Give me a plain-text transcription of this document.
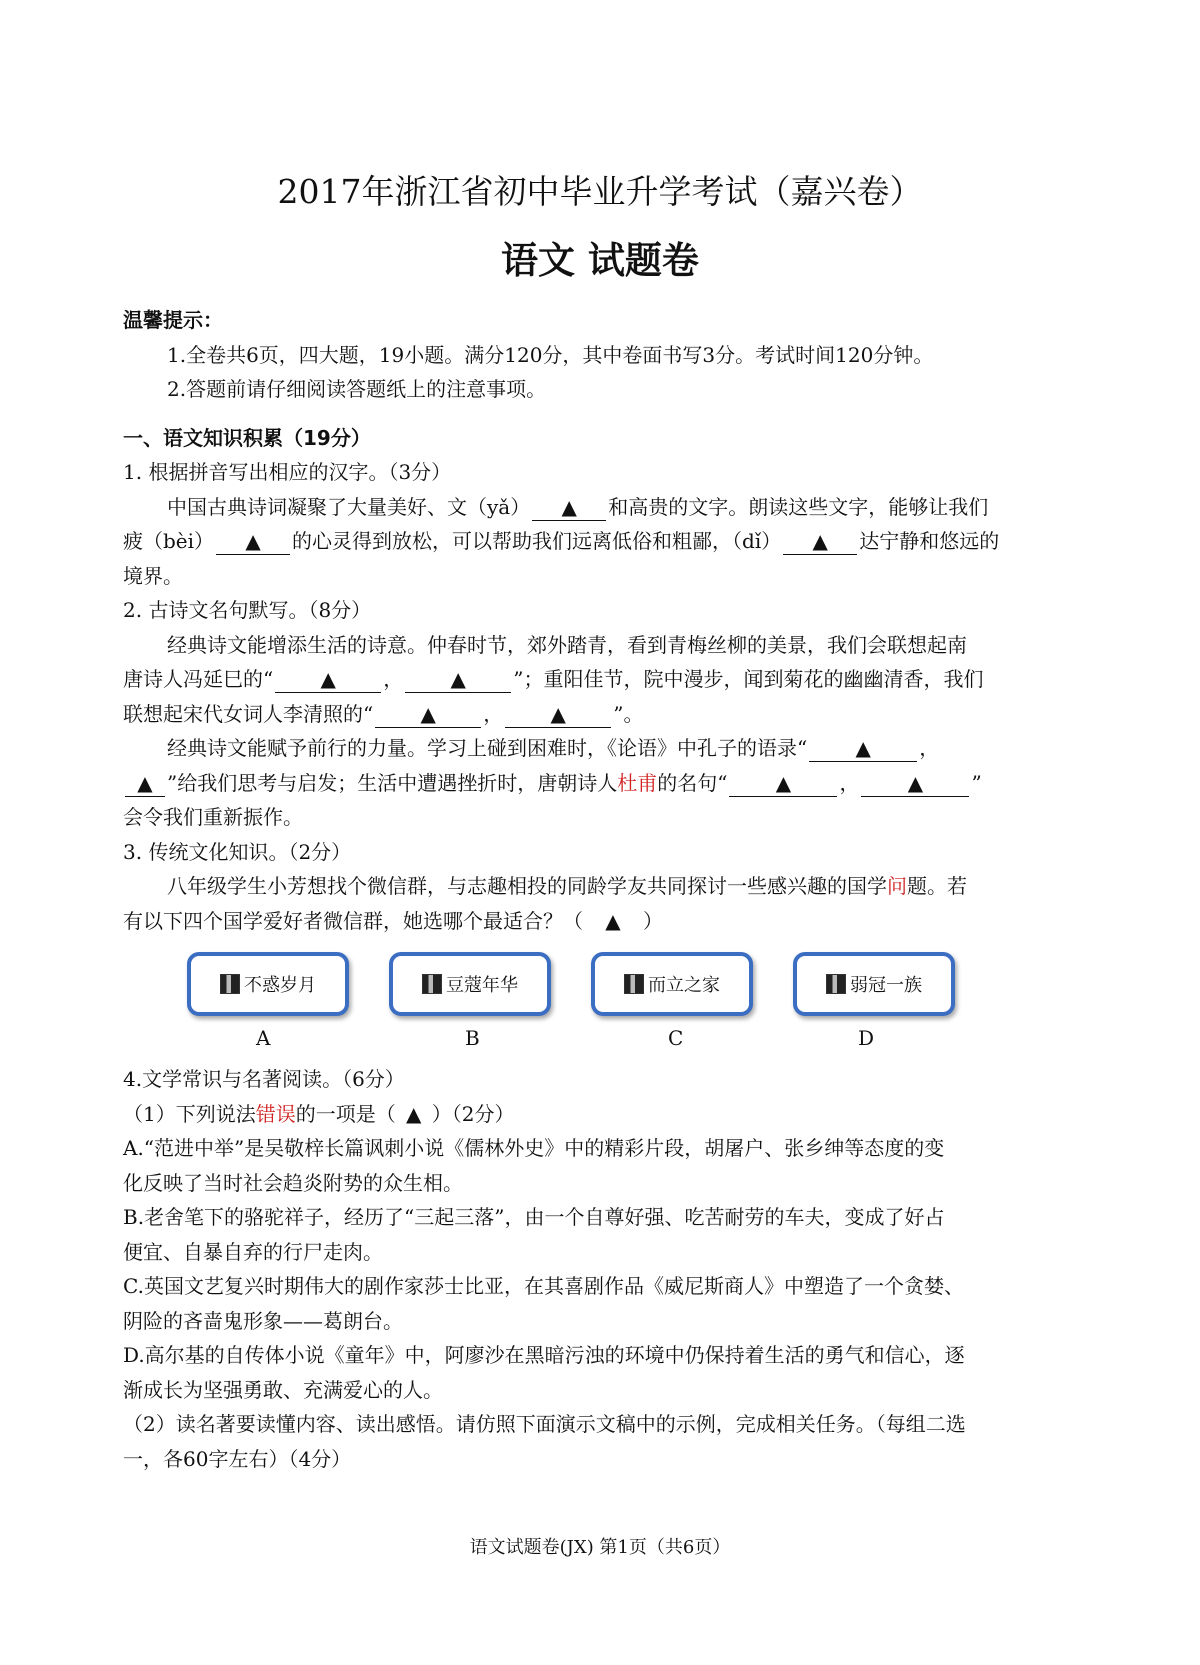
2017年浙江省初中毕业升学考试（嘉兴卷）
语文 试题卷
温馨提示：
1.全卷共6页，四大题，19小题。满分120分，其中卷面书写3分。考试时间120分钟。
2.答题前请仔细阅读答题纸上的注意事项。
一、语文知识积累（19分）
1. 根据拼音写出相应的汉字。（3分）
中国古典诗词凝聚了大量美好、文（yǎ） ▲ 和高贵的文字。朗读这些文字，能够让我们
疲（bèi） ▲ 的心灵得到放松，可以帮助我们远离低俗和粗鄙，（dǐ） ▲ 达宁静和悠远的
境界。
2. 古诗文名句默写。（8分）
经典诗文能增添生活的诗意。仲春时节，郊外踏青，看到青梅丝柳的美景，我们会联想起南
唐诗人冯延巳的“ ▲ ， ▲ ”；重阳佳节，院中漫步，闻到菊花的幽幽清香，我们
联想起宋代女词人李清照的“ ▲ ， ▲ ”。
经典诗文能赋予前行的力量。学习上碰到困难时，《论语》中孔子的语录“ ▲ ，
▲ ”给我们思考与启发；生活中遭遇挫折时，唐朝诗人杜甫的名句“ ▲ ， ▲ ”
会令我们重新振作。
3. 传统文化知识。（2分）
八年级学生小芳想找个微信群，与志趣相投的同龄学友共同探讨一些感兴趣的国学问题。若
有以下四个国学爱好者微信群，她选哪个最适合？（ ▲ ）
不惑岁月	豆蔻年华	而立之家	弱冠一族
A	B	C	D
4.文学常识与名著阅读。（6分）
（1）下列说法错误的一项是（ ▲ ）（2分）
A.“范进中举”是吴敬梓长篇讽刺小说《儒林外史》中的精彩片段，胡屠户、张乡绅等态度的变
化反映了当时社会趋炎附势的众生相。
B.老舍笔下的骆驼祥子，经历了“三起三落”，由一个自尊好强、吃苦耐劳的车夫，变成了好占
便宜、自暴自弃的行尸走肉。
C.英国文艺复兴时期伟大的剧作家莎士比亚，在其喜剧作品《威尼斯商人》中塑造了一个贪婪、
阴险的吝啬鬼形象——葛朗台。
D.高尔基的自传体小说《童年》中，阿廖沙在黑暗污浊的环境中仍保持着生活的勇气和信心，逐
渐成长为坚强勇敢、充满爱心的人。
（2）读名著要读懂内容、读出感悟。请仿照下面演示文稿中的示例，完成相关任务。（每组二选
一，各60字左右）（4分）
语文试题卷(JX) 第1页（共6页）
